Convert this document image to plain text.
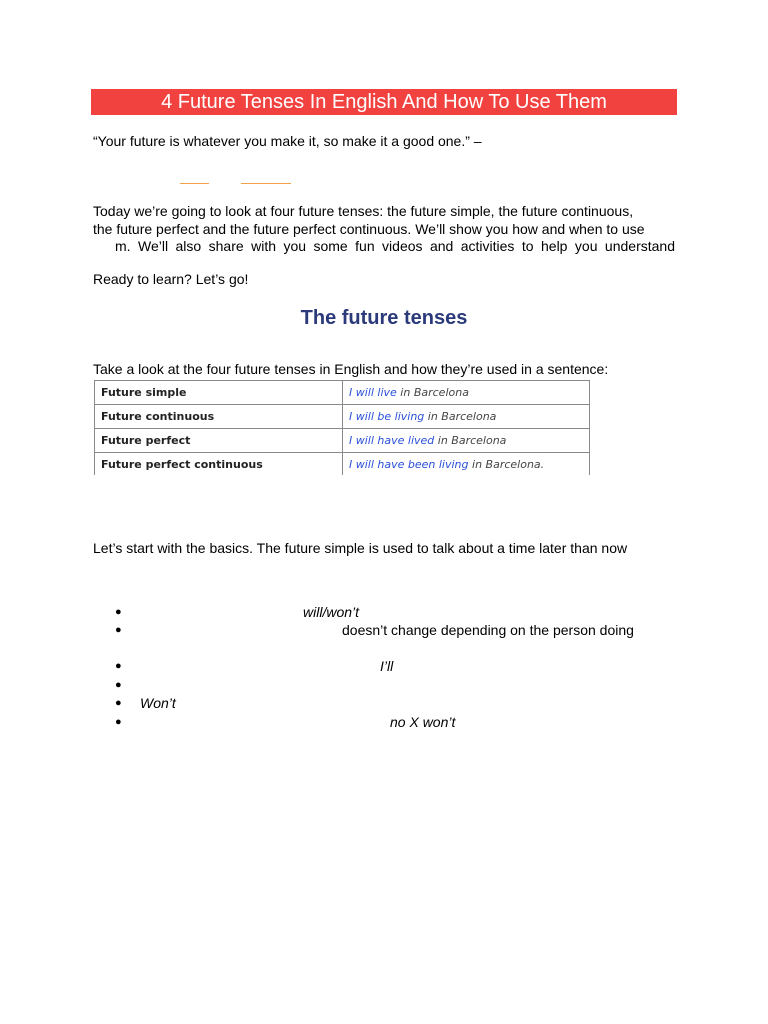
4 Future Tenses In English And How To Use Them
“Your future is whatever you make it, so make it a good one.” –
Today we’re going to look at four future tenses: the future simple, the future continuous,
the future perfect and the future perfect continuous. We’ll show you how and when to use
m. We’ll also share with you some fun videos and activities to help you understand
Ready to learn? Let’s go!
The future tenses
Take a look at the four future tenses in English and how they’re used in a sentence:
Future simple	I will live in Barcelona
Future continuous	I will be living in Barcelona
Future perfect	I will have lived in Barcelona
Future perfect continuous	I will have been living in Barcelona.
Let’s start with the basics. The future simple is used to talk about a time later than now
●	will/won’t
●	doesn’t change depending on the person doing
●	I’ll
●
● Won’t
●	no X won’t
